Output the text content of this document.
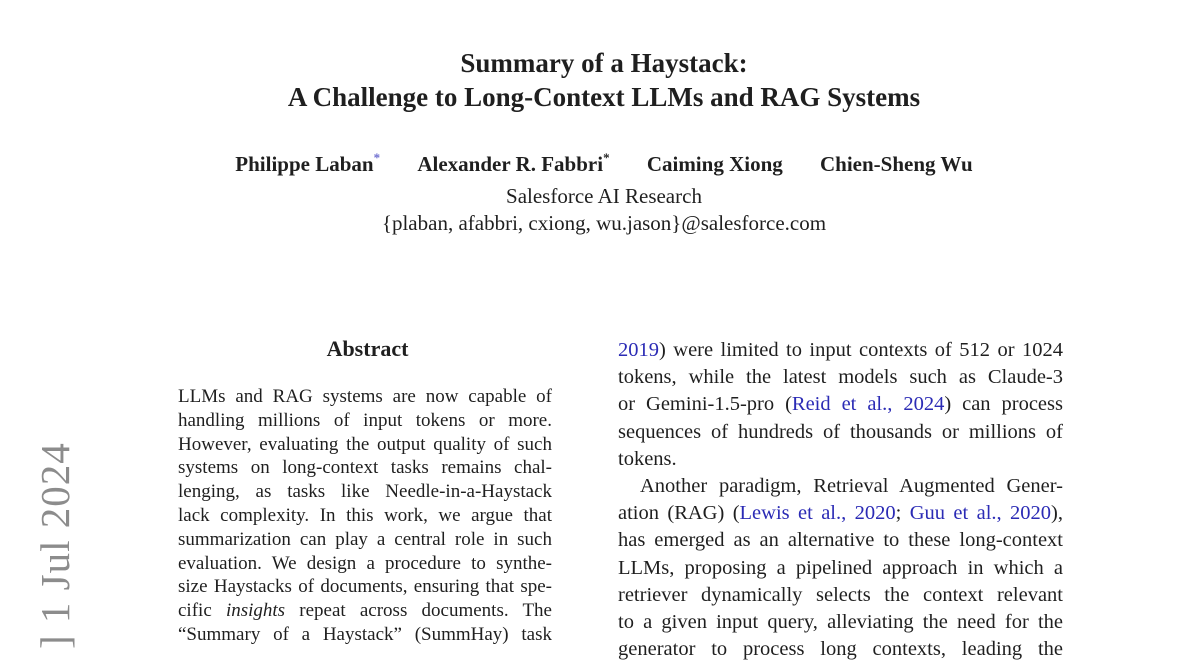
] 1 Jul 2024
Summary of a Haystack:
A Challenge to Long-Context LLMs and RAG Systems
Philippe Laban* Alexander R. Fabbri* Caiming Xiong Chien-Sheng Wu
Salesforce AI Research
{plaban, afabbri, cxiong, wu.jason}@salesforce.com
Abstract
LLMs and RAG systems are now capable of
handling millions of input tokens or more.
However, evaluating the output quality of such
systems on long-context tasks remains chal-
lenging, as tasks like Needle-in-a-Haystack
lack complexity. In this work, we argue that
summarization can play a central role in such
evaluation. We design a procedure to synthe-
size Haystacks of documents, ensuring that spe-
cific insights repeat across documents. The
“Summary of a Haystack” (SummHay) task
2019) were limited to input contexts of 512 or 1024
tokens, while the latest models such as Claude-3
or Gemini-1.5-pro (Reid et al., 2024) can process
sequences of hundreds of thousands or millions of
tokens.
Another paradigm, Retrieval Augmented Gener-
ation (RAG) (Lewis et al., 2020; Guu et al., 2020),
has emerged as an alternative to these long-context
LLMs, proposing a pipelined approach in which a
retriever dynamically selects the context relevant
to a given input query, alleviating the need for the
generator to process long contexts, leading the
